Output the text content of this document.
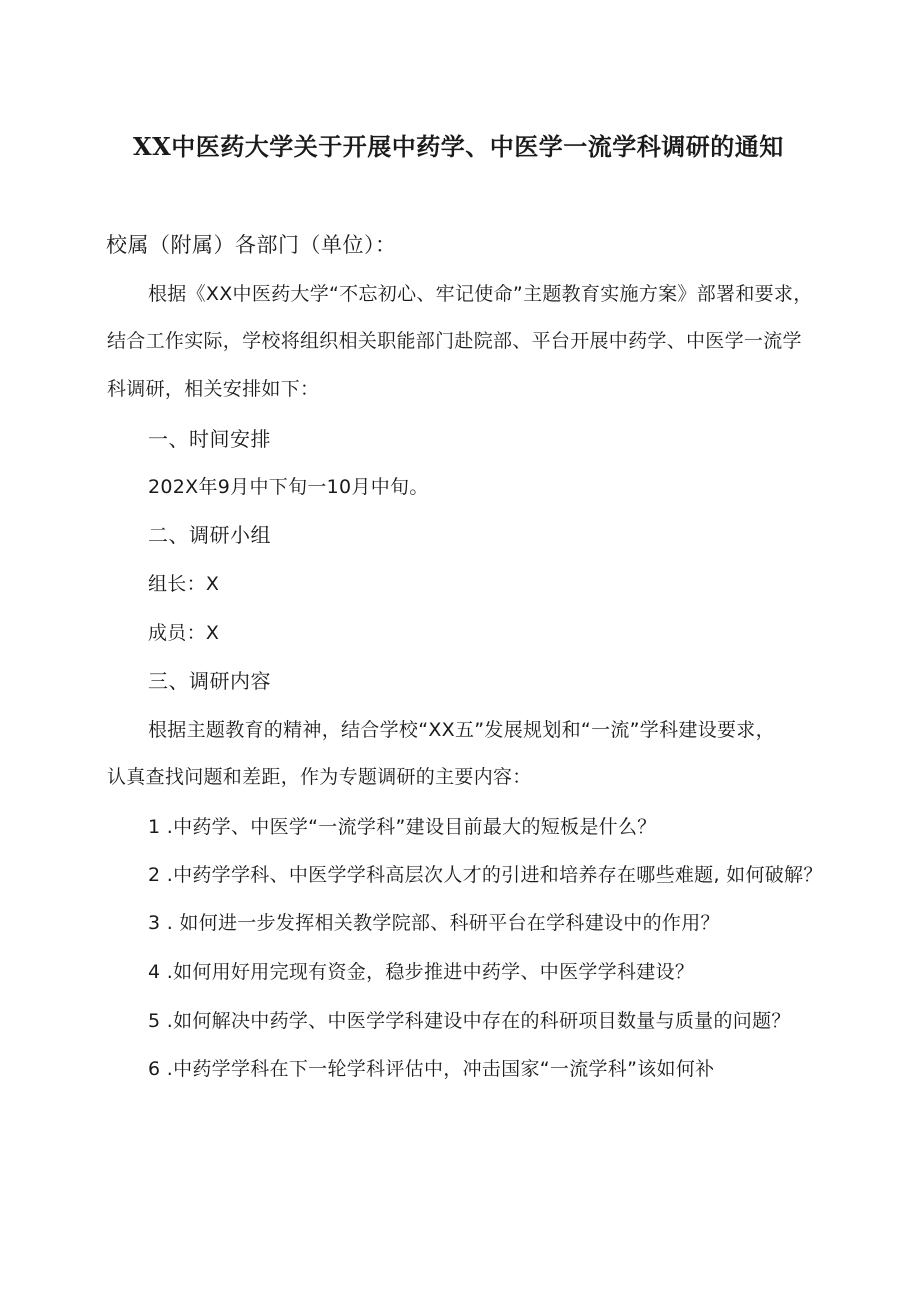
XX中医药大学关于开展中药学、中医学一流学科调研的通知
校属（附属）各部门（单位）：
根据《XX中医药大学“不忘初心、牢记使命”主题教育实施方案》部署和要求，
结合工作实际，学校将组织相关职能部门赴院部、平台开展中药学、中医学一流学
科调研，相关安排如下：
一、时间安排
202X年9月中下旬一10月中旬。
二、调研小组
组长：X
成员：X
三、调研内容
根据主题教育的精神，结合学校“XX五”发展规划和“一流”学科建设要求，
认真查找问题和差距，作为专题调研的主要内容：
1 .中药学、中医学“一流学科”建设目前最大的短板是什么？
2 .中药学学科、中医学学科高层次人才的引进和培养存在哪些难题, 如何破解？
3 . 如何进一步发挥相关教学院部、科研平台在学科建设中的作用？
4 .如何用好用完现有资金，稳步推进中药学、中医学学科建设？
5 .如何解决中药学、中医学学科建设中存在的科研项目数量与质量的问题？
6 .中药学学科在下一轮学科评估中，冲击国家“一流学科”该如何补
